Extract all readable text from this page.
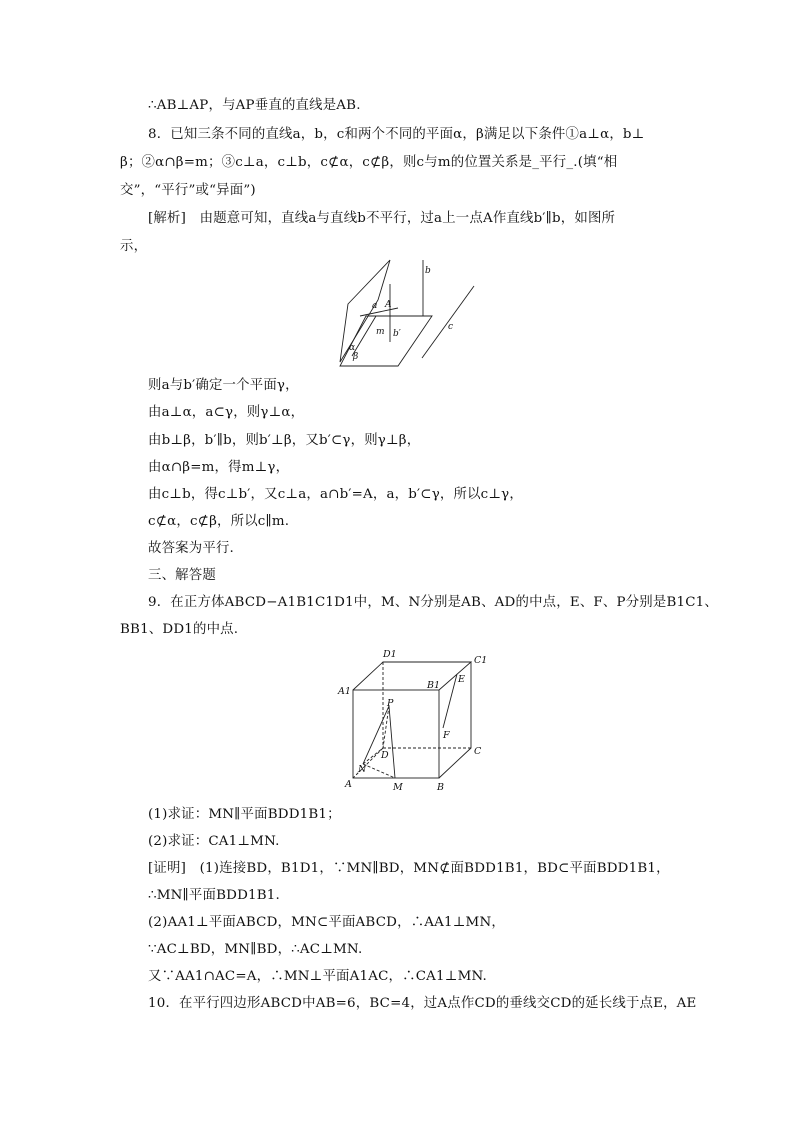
∴AB⊥AP，与AP垂直的直线是AB.
8．已知三条不同的直线a，b，c和两个不同的平面α，β满足以下条件①a⊥α，b⊥
β；②α∩β=m；③c⊥a，c⊥b，c⊄α，c⊄β，则c与m的位置关系是_平行_.(填“相
交”，“平行”或“异面”)
[解析]　由题意可知，直线a与直线b不平行，过a上一点A作直线b′∥b，如图所
示，
b
a A
m b′
c
α
β
则a与b′确定一个平面γ，
由a⊥α，a⊂γ，则γ⊥α，
由b⊥β，b′∥b，则b′⊥β，又b′⊂γ，则γ⊥β，
由α∩β=m，得m⊥γ，
由c⊥b，得c⊥b′，又c⊥a，a∩b′=A，a，b′⊂γ，所以c⊥γ，
c⊄α，c⊄β，所以c∥m.
故答案为平行.
三、解答题
9．在正方体ABCD−A1B1C1D1中，M、N分别是AB、AD的中点，E、F、P分别是B1C1、
BB1、DD1的中点.
D1
C1
A1
B1
E
P
F
C
D
N
A	M	B
(1)求证：MN∥平面BDD1B1；
(2)求证：CA1⊥MN.
[证明]　(1)连接BD，B1D1，∵MN∥BD，MN⊄面BDD1B1，BD⊂平面BDD1B1，
∴MN∥平面BDD1B1.
(2)AA1⊥平面ABCD，MN⊂平面ABCD，∴AA1⊥MN，
∵AC⊥BD，MN∥BD，∴AC⊥MN.
又∵AA1∩AC=A，∴MN⊥平面A1AC，∴CA1⊥MN.
10．在平行四边形ABCD中AB=6，BC=4，过A点作CD的垂线交CD的延长线于点E，AE
